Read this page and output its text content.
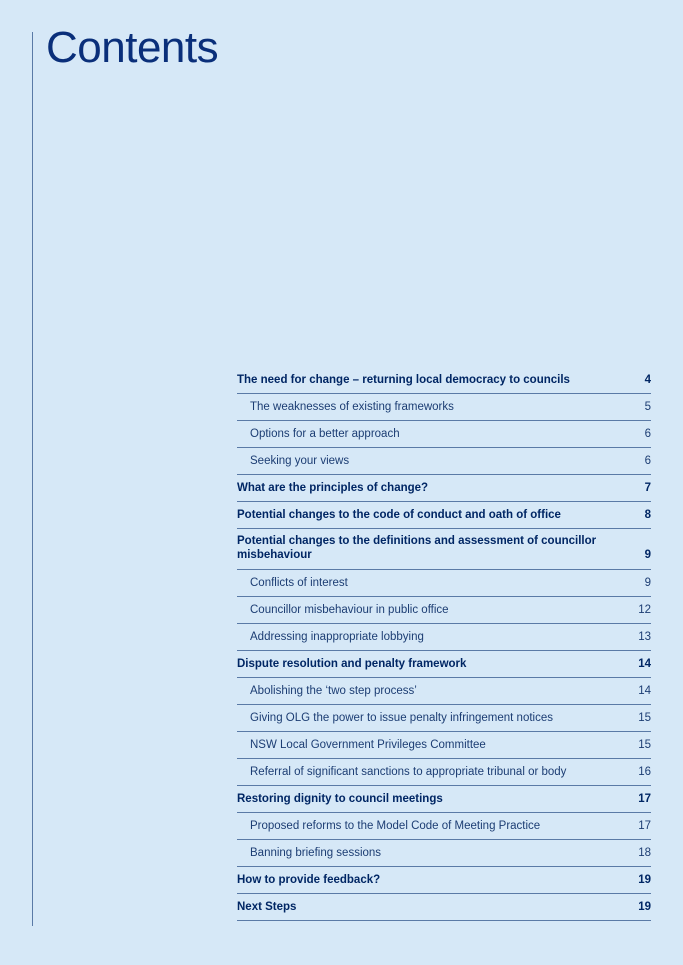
Contents
The need for change – returning local democracy to councils	4
The weaknesses of existing frameworks	5
Options for a better approach	6
Seeking your views	6
What are the principles of change?	7
Potential changes to the code of conduct and oath of office	8
Potential changes to the definitions and assessment of councillor misbehaviour	9
Conflicts of interest	9
Councillor misbehaviour in public office	12
Addressing inappropriate lobbying	13
Dispute resolution and penalty framework	14
Abolishing the ‘two step process’	14
Giving OLG the power to issue penalty infringement notices	15
NSW Local Government Privileges Committee	15
Referral of significant sanctions to appropriate tribunal or body	16
Restoring dignity to council meetings	17
Proposed reforms to the Model Code of Meeting Practice	17
Banning briefing sessions	18
How to provide feedback?	19
Next Steps	19
